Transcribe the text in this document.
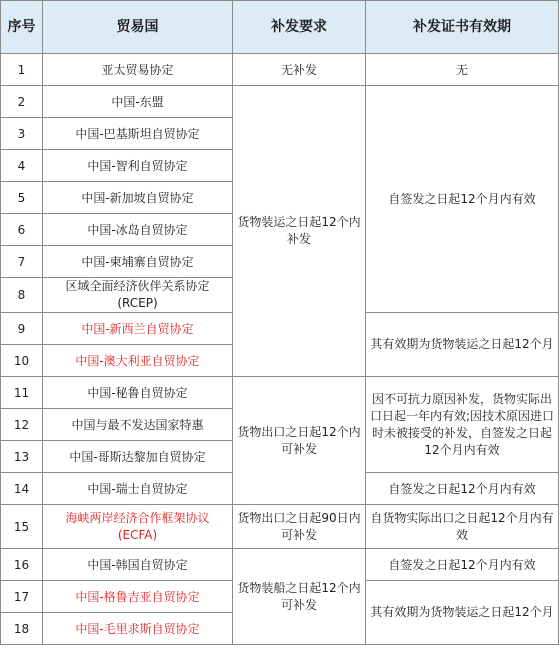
序号	贸易国	补发要求	补发证书有效期
1	亚太贸易协定	无补发	无
2	中国-东盟	货物装运之日起12个内补发	自签发之日起12个月内有效
3	中国-巴基斯坦自贸协定		
4	中国-智利自贸协定		
5	中国-新加坡自贸协定		
6	中国-冰岛自贸协定		
7	中国-柬埔寨自贸协定		
8	区域全面经济伙伴关系协定 (RCEP)		
9	中国-新西兰自贸协定		其有效期为货物装运之日起12个月
10	中国-澳大利亚自贸协定		
11	中国-秘鲁自贸协定	货物出口之日起12个内可补发	因不可抗力原因补发，货物实际出口日起一年内有效;因技术原因进口时未被接受的补发，自签发之日起12个月内有效
12	中国与最不发达国家特惠		
13	中国-哥斯达黎加自贸协定		
14	中国-瑞士自贸协定		自签发之日起12个月内有效
15	海峡两岸经济合作框架协议 (ECFA)	货物出口之日起90日内可补发	自货物实际出口之日起12个月内有效
16	中国-韩国自贸协定	货物装船之日起12个内可补发	自签发之日起12个月内有效
17	中国-格鲁吉亚自贸协定		其有效期为货物装运之日起12个月
18	中国-毛里求斯自贸协定		
